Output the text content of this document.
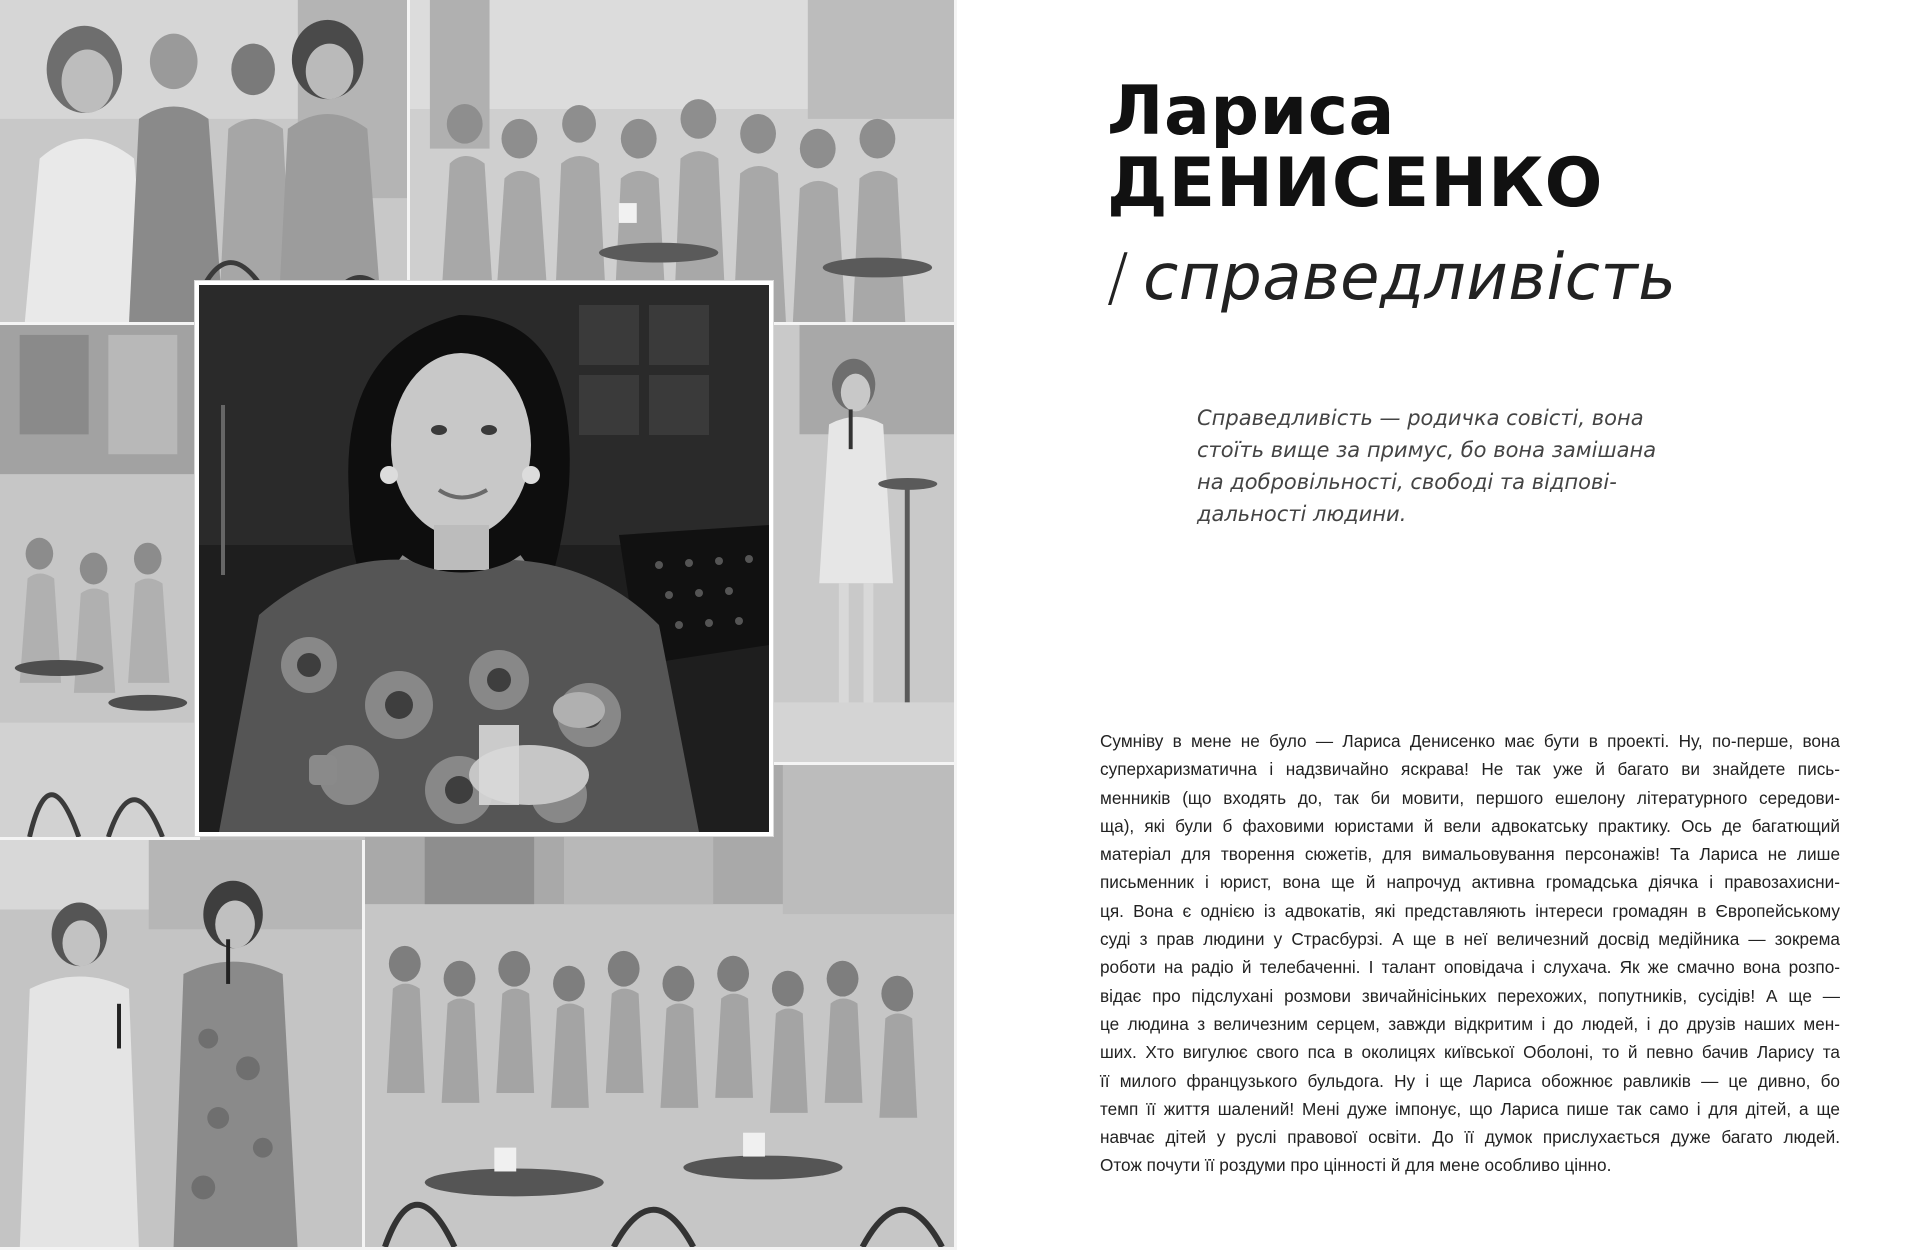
Лариса
ДЕНИСЕНКО
/ справедливість

Справедливість — родичка совісті, вона

стоїть вище за примус, бо вона замішана

на добровільності, свободі та відпові-

дальності людини.

Сумніву в мене не було — Лариса Денисенко має бути в проекті. Ну, по-перше, вона
суперхаризматична і надзвичайно яскрава! Не так уже й багато ви знайдете пись-
менників (що входять до, так би мовити, першого ешелону літературного середови-
ща), які були б фаховими юристами й вели адвокатську практику. Ось де багатющий
матеріал для творення сюжетів, для вимальовування персонажів! Та Лариса не лише
письменник і юрист, вона ще й напрочуд активна громадська діячка і правозахисни-
ця. Вона є однією із адвокатів, які представляють інтереси громадян в Європейському
суді з прав людини у Страсбурзі. А ще в неї величезний досвід медійника — зокрема
роботи на радіо й телебаченні. І талант оповідача і слухача. Як же смачно вона розпо-
відає про підслухані розмови звичайнісіньких перехожих, попутників, сусідів! А ще —
це людина з величезним серцем, завжди відкритим і до людей, і до друзів наших мен-
ших. Хто вигулює свого пса в околицях київської Оболоні, то й певно бачив Ларису та
її милого французького бульдога. Ну і ще Лариса обожнює равликів — це дивно, бо
темп її життя шалений! Мені дуже імпонує, що Лариса пише так само і для дітей, а ще
навчає дітей у руслі правової освіти. До її думок прислухається дуже багато людей.
Отож почути її роздуми про цінності й для мене особливо цінно.
